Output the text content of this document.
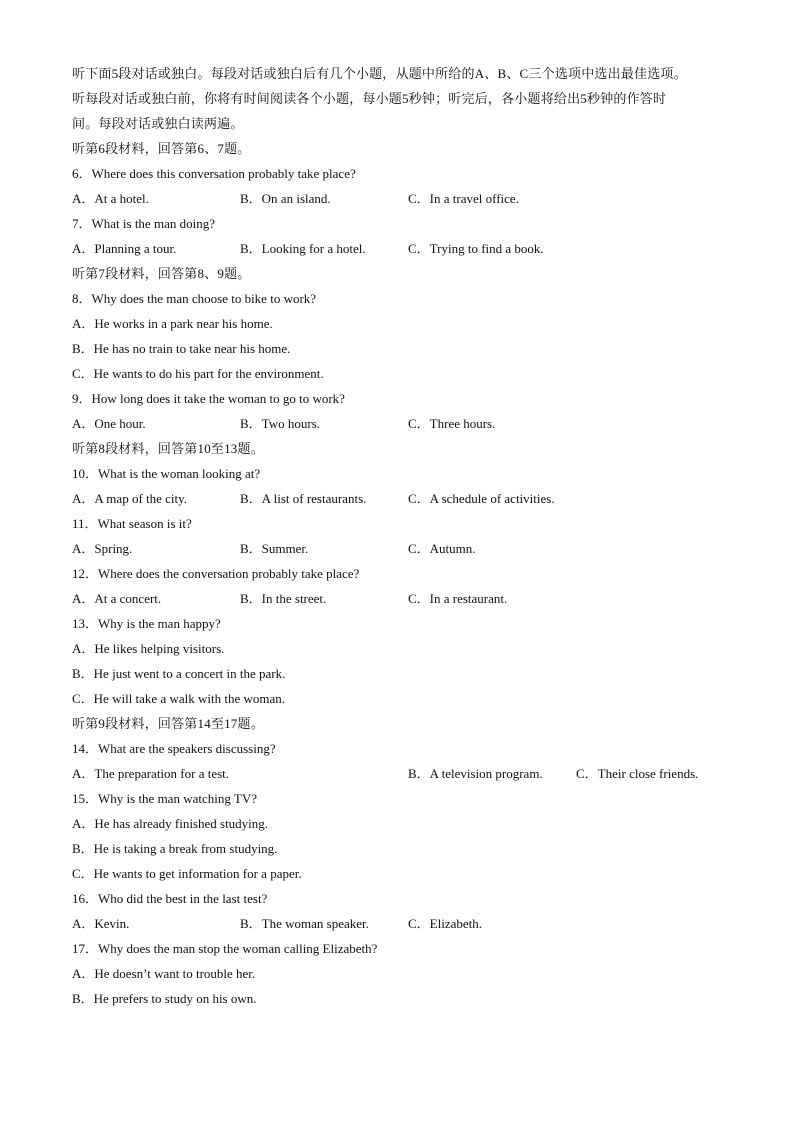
听下面5段对话或独白。每段对话或独白后有几个小题，从题中所给的A、B、C三个选项中选出最佳选项。
听每段对话或独白前，你将有时间阅读各个小题，每小题5秒钟；听完后，各小题将给出5秒钟的作答时
间。每段对话或独白读两遍。
听第6段材料，回答第6、7题。
6．Where does this conversation probably take place?
A．At a hotel.	B．On an island.	C．In a travel office.
7．What is the man doing?
A．Planning a tour.	B．Looking for a hotel.	C．Trying to find a book.
听第7段材料，回答第8、9题。
8．Why does the man choose to bike to work?
A．He works in a park near his home.
B．He has no train to take near his home.
C．He wants to do his part for the environment.
9．How long does it take the woman to go to work?
A．One hour.	B．Two hours.	C．Three hours.
听第8段材料，回答第10至13题。
10．What is the woman looking at?
A．A map of the city.	B．A list of restaurants.	C．A schedule of activities.
11．What season is it?
A．Spring.	B．Summer.	C．Autumn.
12．Where does the conversation probably take place?
A．At a concert.	B．In the street.	C．In a restaurant.
13．Why is the man happy?
A．He likes helping visitors.
B．He just went to a concert in the park.
C．He will take a walk with the woman.
听第9段材料，回答第14至17题。
14．What are the speakers discussing?
A．The preparation for a test.	B．A television program.	C．Their close friends.
15．Why is the man watching TV?
A．He has already finished studying.
B．He is taking a break from studying.
C．He wants to get information for a paper.
16．Who did the best in the last test?
A．Kevin.	B．The woman speaker.	C．Elizabeth.
17．Why does the man stop the woman calling Elizabeth?
A．He doesn’t want to trouble her.
B．He prefers to study on his own.
